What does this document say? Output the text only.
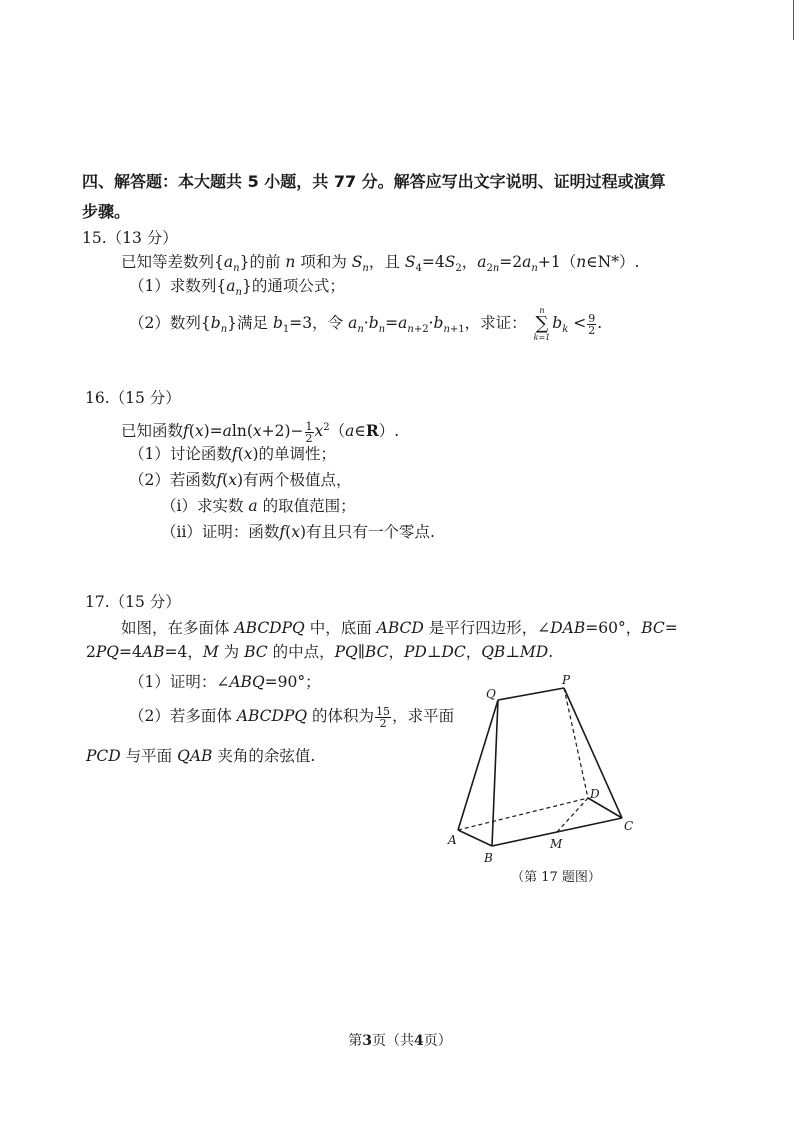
四、解答题：本大题共 5 小题，共 77 分。解答应写出文字说明、证明过程或演算
步骤。
15.（13 分）
已知等差数列$\{a_n\}$的前 n 项和为 $S_n$，且 $S_4=4S_2$，$a_{2n}=2a_n+1(n\in N*)$.
（1）求数列$\{a_n\}$的通项公式；
（2）数列$\{b_n\}$满足 $b_1=3$，令 $a_n\cdot b_n=a_{n+2}\cdot b_{n+1}$，求证：
n
∑
k=1
$b_k < \frac{9}{2}$ .
16.（15 分）
已知函数$f(x)=aln(x+2)- \frac{1}{2}$ $x^2(a\in R)$.
（1）讨论函数f(x)的单调性；
（2）若函数f(x)有两个极值点，
（i）求实数 a 的取值范围；
（ii）证明：函数f(x)有且只有一个零点.
17.（15 分）
如图，在多面体 ABCDPQ 中，底面 ABCD 是平行四边形，∠DAB=60°，BC=
2PQ=4AB=4，M 为 BC 的中点，PQ∥BC，PD⊥DC，QB⊥MD.
（1）证明：∠ABQ=90°；
（2）若多面体 ABCDPQ 的体积为 $\frac{15}{2}$ ，求平面
PCD 与平面 QAB 夹角的余弦值.
Q
P
A
B
C
D
M
（第 17 题图）
第3页（共4页）
